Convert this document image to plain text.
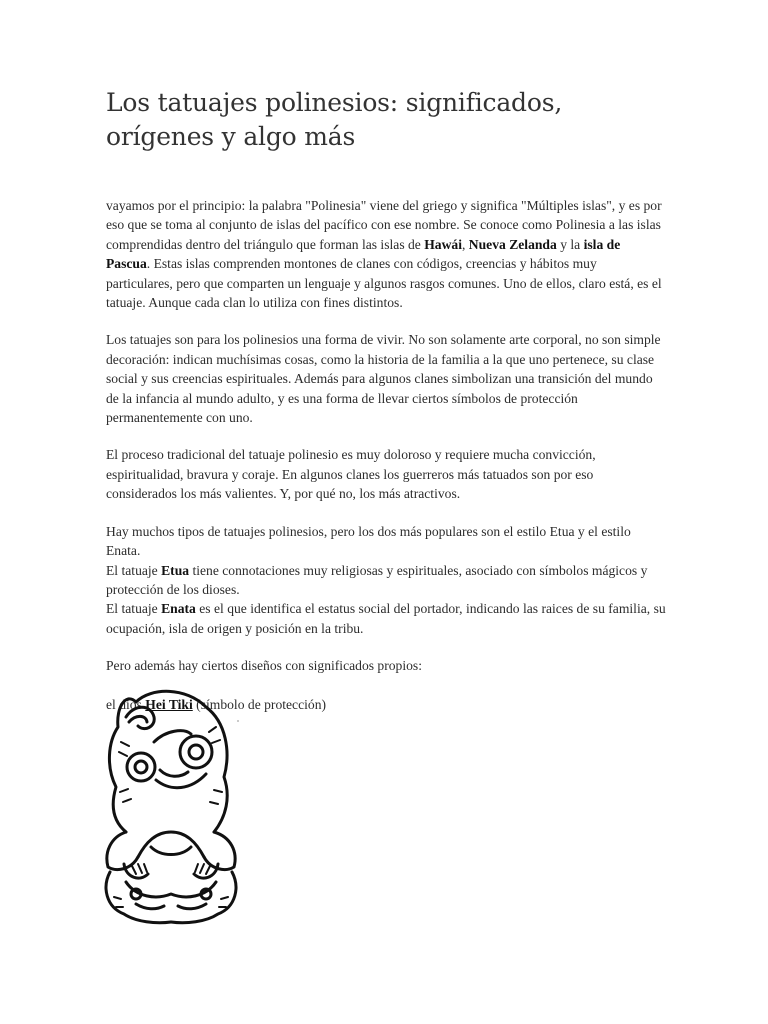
Los tatuajes polinesios: significados, orígenes y algo más

vayamos por el principio: la palabra "Polinesia" viene del griego y significa "Múltiples islas", y es por eso que se toma al conjunto de islas del pacífico con ese nombre. Se conoce como Polinesia a las islas comprendidas dentro del triángulo que forman las islas de Hawái, Nueva Zelanda y la isla de Pascua. Estas islas comprenden montones de clanes con códigos, creencias y hábitos muy particulares, pero que comparten un lenguaje y algunos rasgos comunes. Uno de ellos, claro está, es el tatuaje. Aunque cada clan lo utiliza con fines distintos.

Los tatuajes son para los polinesios una forma de vivir. No son solamente arte corporal, no son simple decoración: indican muchísimas cosas, como la historia de la familia a la que uno pertenece, su clase social y sus creencias espirituales. Además para algunos clanes simbolizan una transición del mundo de la infancia al mundo adulto, y es una forma de llevar ciertos símbolos de protección permanentemente con uno.

El proceso tradicional del tatuaje polinesio es muy doloroso y requiere mucha convicción, espiritualidad, bravura y coraje. En algunos clanes los guerreros más tatuados son por eso considerados los más valientes. Y, por qué no, los más atractivos.

Hay muchos tipos de tatuajes polinesios, pero los dos más populares son el estilo Etua y el estilo Enata.

El tatuaje Etua tiene connotaciones muy religiosas y espirituales, asociado con símbolos mágicos y protección de los dioses.

El tatuaje Enata es el que identifica el estatus social del portador, indicando las raices de su familia, su ocupación, isla de origen y posición en la tribu.

Pero además hay ciertos diseños con significados propios:

el dios Hei Tiki (símbolo de protección)
